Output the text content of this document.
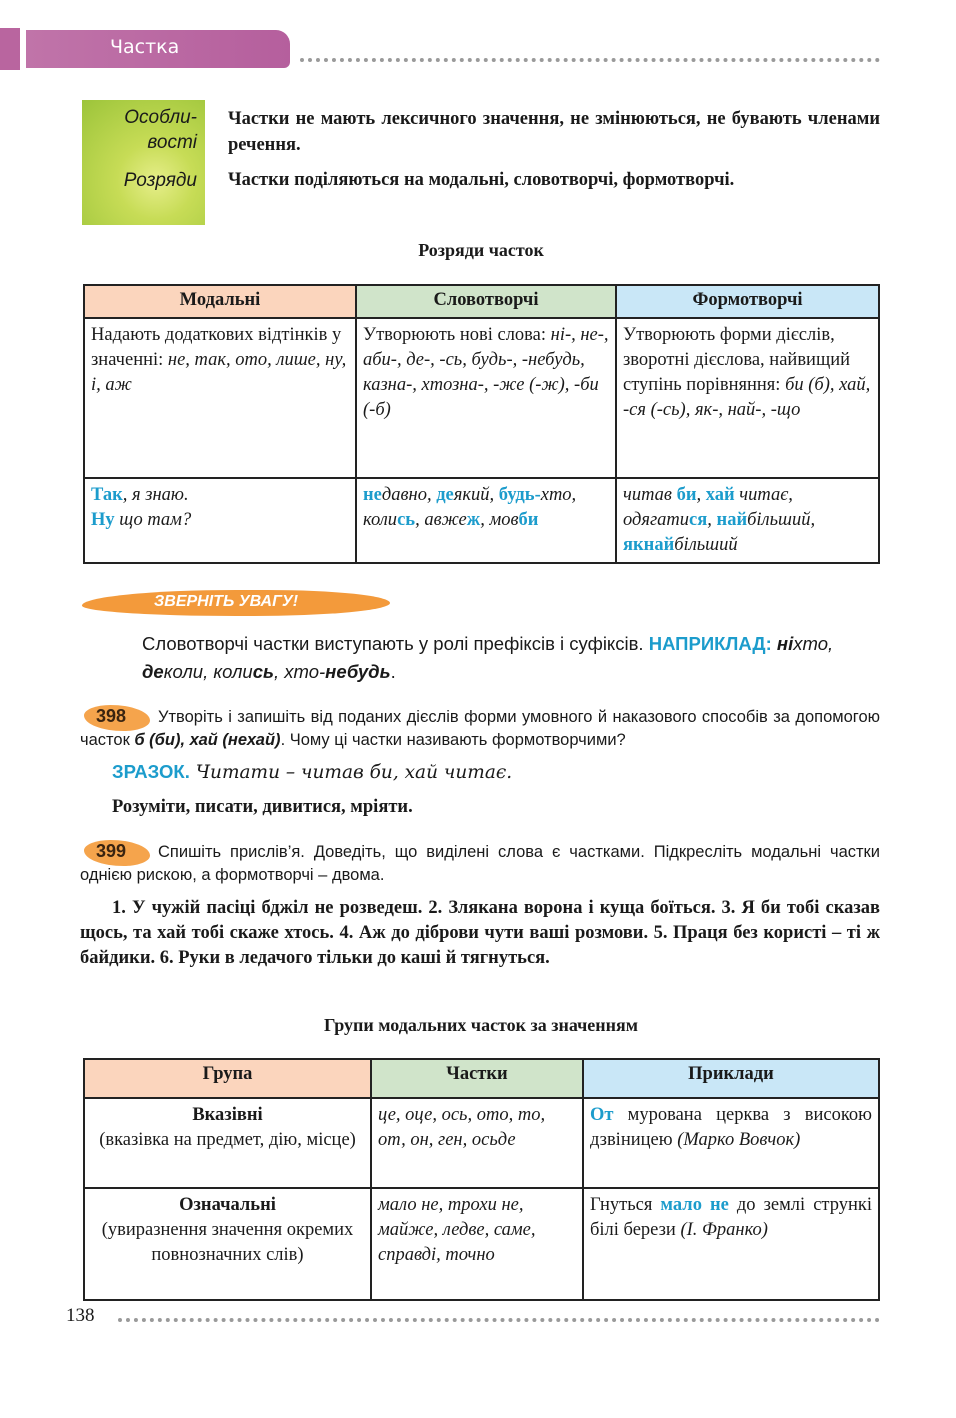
Частка
Особли-
вості
Розряди
Частки не мають лексичного значення, не змінюються, не бувають членами речення.
Частки поділяються на модальні, словотворчі, формотворчі.
Розряди часток
Модальні	Словотворчі	Формотворчі
Надають додаткових відтінків у значенні: не, так, ото, лише, ну, і, аж	Утворюють нові слова: ні-, не-, аби-, де-, -сь, будь-, -небудь, казна-, хтозна-, -же (-ж), -би (-б)	Утворюють форми дієслів, зворотні дієслова, найвищий ступінь порівняння: би (б), хай, -ся (-сь), як-, най-, -що
Так, я знаю.
Ну що там?	недавно, деякий, будь-хто, колись, авжеж, мовби	читав би, хай читає, одягатися, найбільший, якнайбільший
ЗВЕРНІТЬ УВАГУ!
Словотворчі частки виступають у ролі префіксів і суфіксів. НАПРИКЛАД: ніхто, деколи, колись, хто-небудь.
398	Утворіть і запишіть від поданих дієслів форми умовного й наказового способів за допомогою часток б (би), хай (нехай). Чому ці частки називають формотворчими?
ЗРАЗОК. Читати – читав би, хай читає.
Розуміти, писати, дивитися, мріяти.
399	Спишіть прислів’я. Доведіть, що виділені слова є частками. Підкресліть модальні частки однією рискою, а формотворчі – двома.
1. У чужій пасіці бджіл не розведеш. 2. Злякана ворона і куща боїться. 3. Я би тобі сказав щось, та хай тобі скаже хтось. 4. Аж до діброви чути ваші розмови. 5. Праця без користі – ті ж байдики. 6. Руки в ледачого тільки до каші й тягнуться.
Групи модальних часток за значенням
Група	Частки	Приклади
Вказівні
(вказівка на предмет, дію, місце)	це, оце, ось, ото, то, от, он, ген, осьде	От мурована церква з високою дзвіницею (Марко Вовчок)
Означальні
(увиразнення значення окремих повнозначних слів)	мало не, трохи не, майже, ледве, саме, справді, точно	Гнуться мало не до землі стрункі білі берези (І. Франко)
138
